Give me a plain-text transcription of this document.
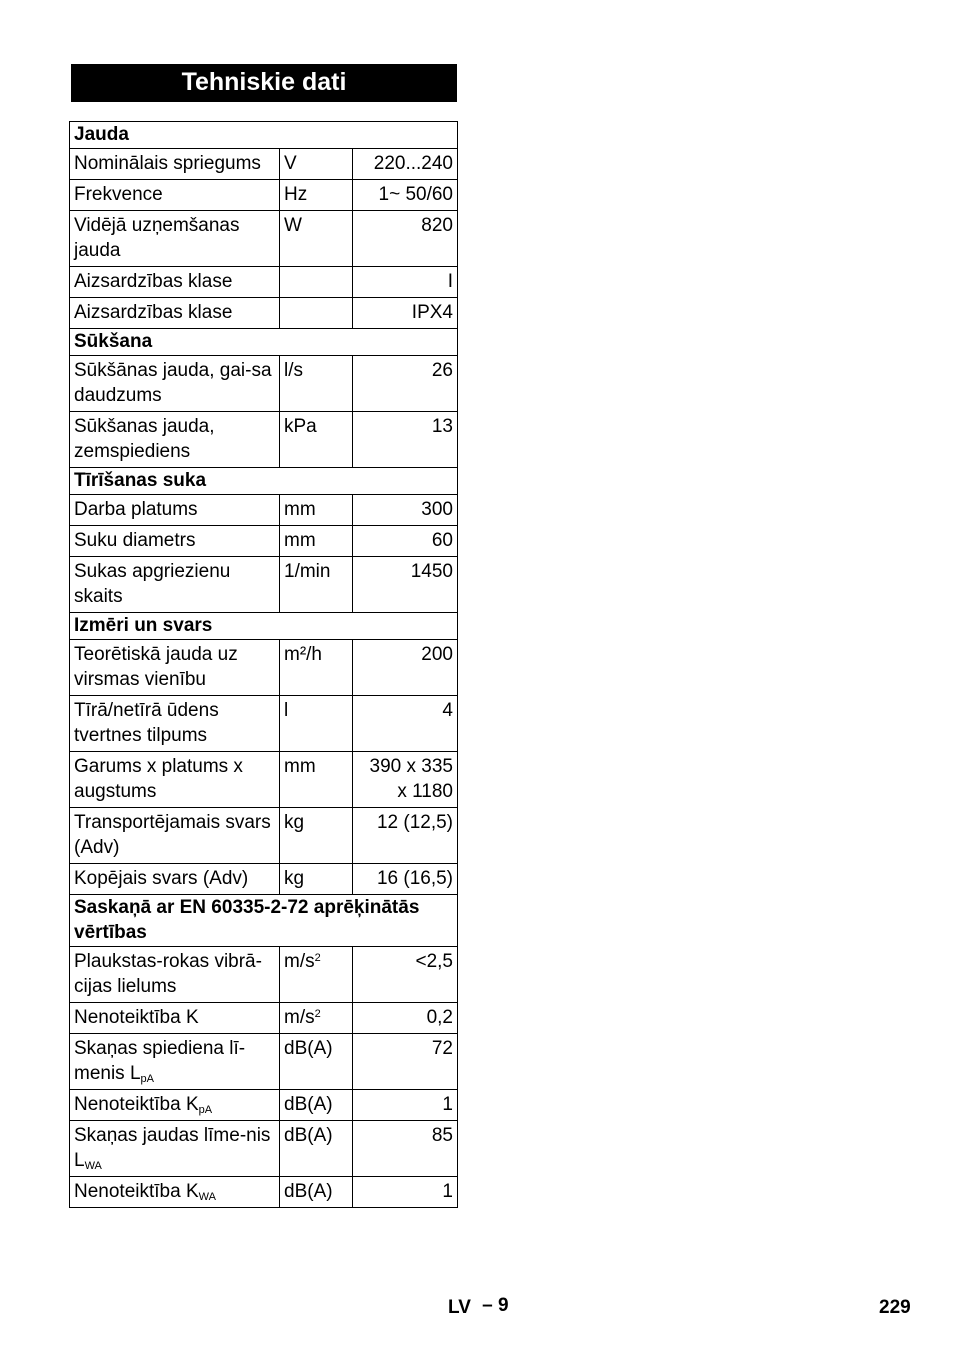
Tehniskie dati
Jauda		
Nominālais spriegums	V	220...240
Frekvence	Hz	1~ 50/60
Vidējā uzņemšanas jauda	W	820
Aizsardzības klase		I
Aizsardzības klase		IPX4
Sūkšana		
Sūkšānas jauda, gai-sa daudzums	l/s	26
Sūkšanas jauda, zemspiediens	kPa	13
Tīrīšanas suka		
Darba platums	mm	300
Suku diametrs	mm	60
Sukas apgriezienu skaits	1/min	1450
Izmēri un svars		
Teorētiskā jauda uz virsmas vienību	m²/h	200
Tīrā/netīrā ūdens tvertnes tilpums	l	4
Garums x platums x augstums	mm	390 x 335 x 1180
Transportējamais svars (Adv)	kg	12 (12,5)
Kopējais svars (Adv)	kg	16 (16,5)
Saskaņā ar EN 60335-2-72 aprēķinātās vērtības		
Plaukstas-rokas vibrā-cijas lielums	$m/s^2$	<2,5
Nenoteiktība K	$m/s^2$	0,2
Skaņas spiediena lī-menis $L_{pA}$	dB(A)	72
Nenoteiktība $K_{pA}$	dB(A)	1
Skaņas jaudas līme-nis $L_{WA}$	dB(A)	85
Nenoteiktība $K_{WA}$	dB(A)	1
LV – 9	229
